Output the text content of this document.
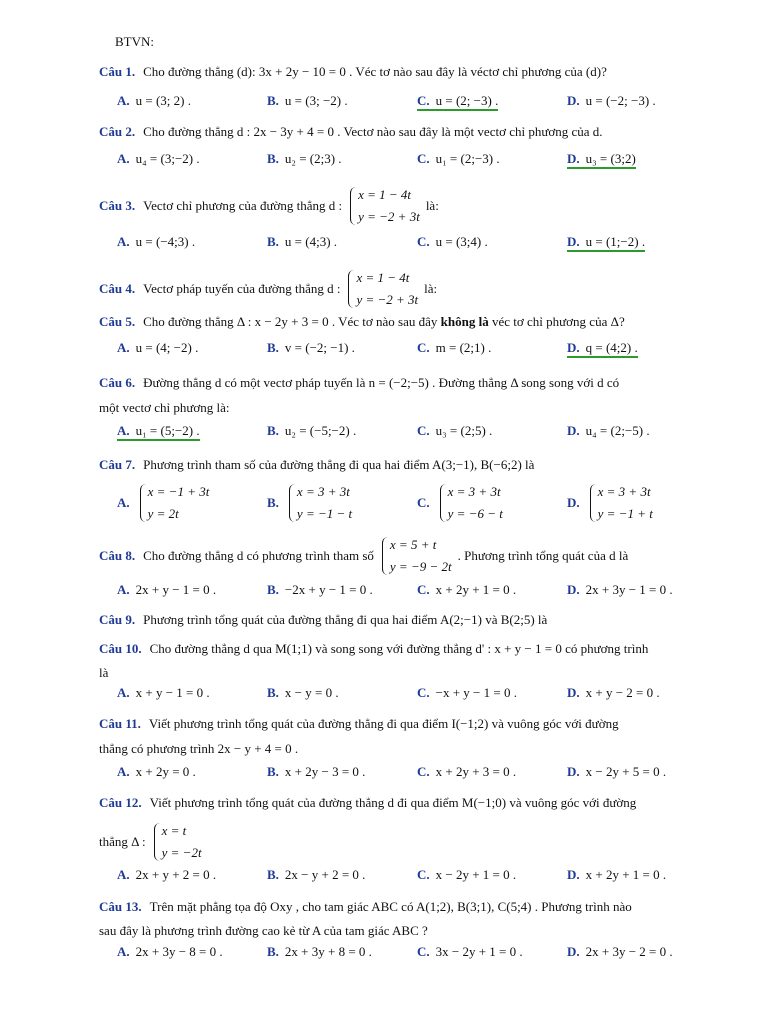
BTVN:
Câu 1. Cho đường thẳng (d): 3x + 2y − 10 = 0 . Véc tơ nào sau đây là véctơ chỉ phương của (d)?
A. u = (3; 2) .	B. u = (3; −2) .	C. u = (2; −3) .	D. u = (−2; −3) .
Câu 2. Cho đường thẳng d : 2x − 3y + 4 = 0 . Vectơ nào sau đây là một vectơ chỉ phương của d.
A. u₄ = (3;−2) .	B. u₂ = (2;3) .	C. u₁ = (2;−3) .	D. u₃ = (3;2)
Câu 3. Vectơ chỉ phương của đường thẳng d :
x = 1 − 4t
y = −2 + 3t
là:
A. u = (−4;3) .	B. u = (4;3) .	C. u = (3;4) .	D. u = (1;−2) .
Câu 4. Vectơ pháp tuyến của đường thẳng d :
x = 1 − 4t
y = −2 + 3t
là:
Câu 5. Cho đường thẳng Δ : x − 2y + 3 = 0 . Véc tơ nào sau đây không là véc tơ chỉ phương của Δ?
A. u = (4; −2) .	B. v = (−2; −1) .	C. m = (2;1) .	D. q = (4;2) .
Câu 6. Đường thẳng d có một vectơ pháp tuyến là n = (−2;−5) . Đường thẳng Δ song song với d có
một vectơ chỉ phương là:
A. u₁ = (5;−2) .	B. u₂ = (−5;−2) .	C. u₃ = (2;5) .	D. u₄ = (2;−5) .
Câu 7. Phương trình tham số của đường thẳng đi qua hai điểm A(3;−1), B(−6;2) là
A.
x = −1 + 3t
y = 2t
B.
x = 3 + 3t
y = −1 − t
C.
x = 3 + 3t
y = −6 − t
D.
x = 3 + 3t
y = −1 + t
Câu 8. Cho đường thẳng d có phương trình tham số
x = 5 + t
y = −9 − 2t
. Phương trình tổng quát của d là
A. 2x + y − 1 = 0 .	B. −2x + y − 1 = 0 .	C. x + 2y + 1 = 0 .	D. 2x + 3y − 1 = 0 .
Câu 9. Phương trình tổng quát của đường thẳng đi qua hai điểm A(2;−1) và B(2;5) là
Câu 10. Cho đường thẳng d qua M(1;1) và song song với đường thẳng d' : x + y − 1 = 0 có phương trình
là
A. x + y − 1 = 0 .	B. x − y = 0 .	C. −x + y − 1 = 0 .	D. x + y − 2 = 0 .
Câu 11. Viết phương trình tổng quát của đường thẳng đi qua điểm I(−1;2) và vuông góc với đường
thẳng có phương trình 2x − y + 4 = 0 .
A. x + 2y = 0 .	B. x + 2y − 3 = 0 .	C. x + 2y + 3 = 0 .	D. x − 2y + 5 = 0 .
Câu 12. Viết phương trình tổng quát của đường thẳng d đi qua điểm M(−1;0) và vuông góc với đường
thẳng Δ :
x = t
y = −2t
A. 2x + y + 2 = 0 .	B. 2x − y + 2 = 0 .	C. x − 2y + 1 = 0 .	D. x + 2y + 1 = 0 .
Câu 13. Trên mặt phẳng tọa độ Oxy , cho tam giác ABC có A(1;2), B(3;1), C(5;4) . Phương trình nào
sau đây là phương trình đường cao kẻ từ A của tam giác ABC ?
A. 2x + 3y − 8 = 0 .	B. 2x + 3y + 8 = 0 .	C. 3x − 2y + 1 = 0 .	D. 2x + 3y − 2 = 0 .
